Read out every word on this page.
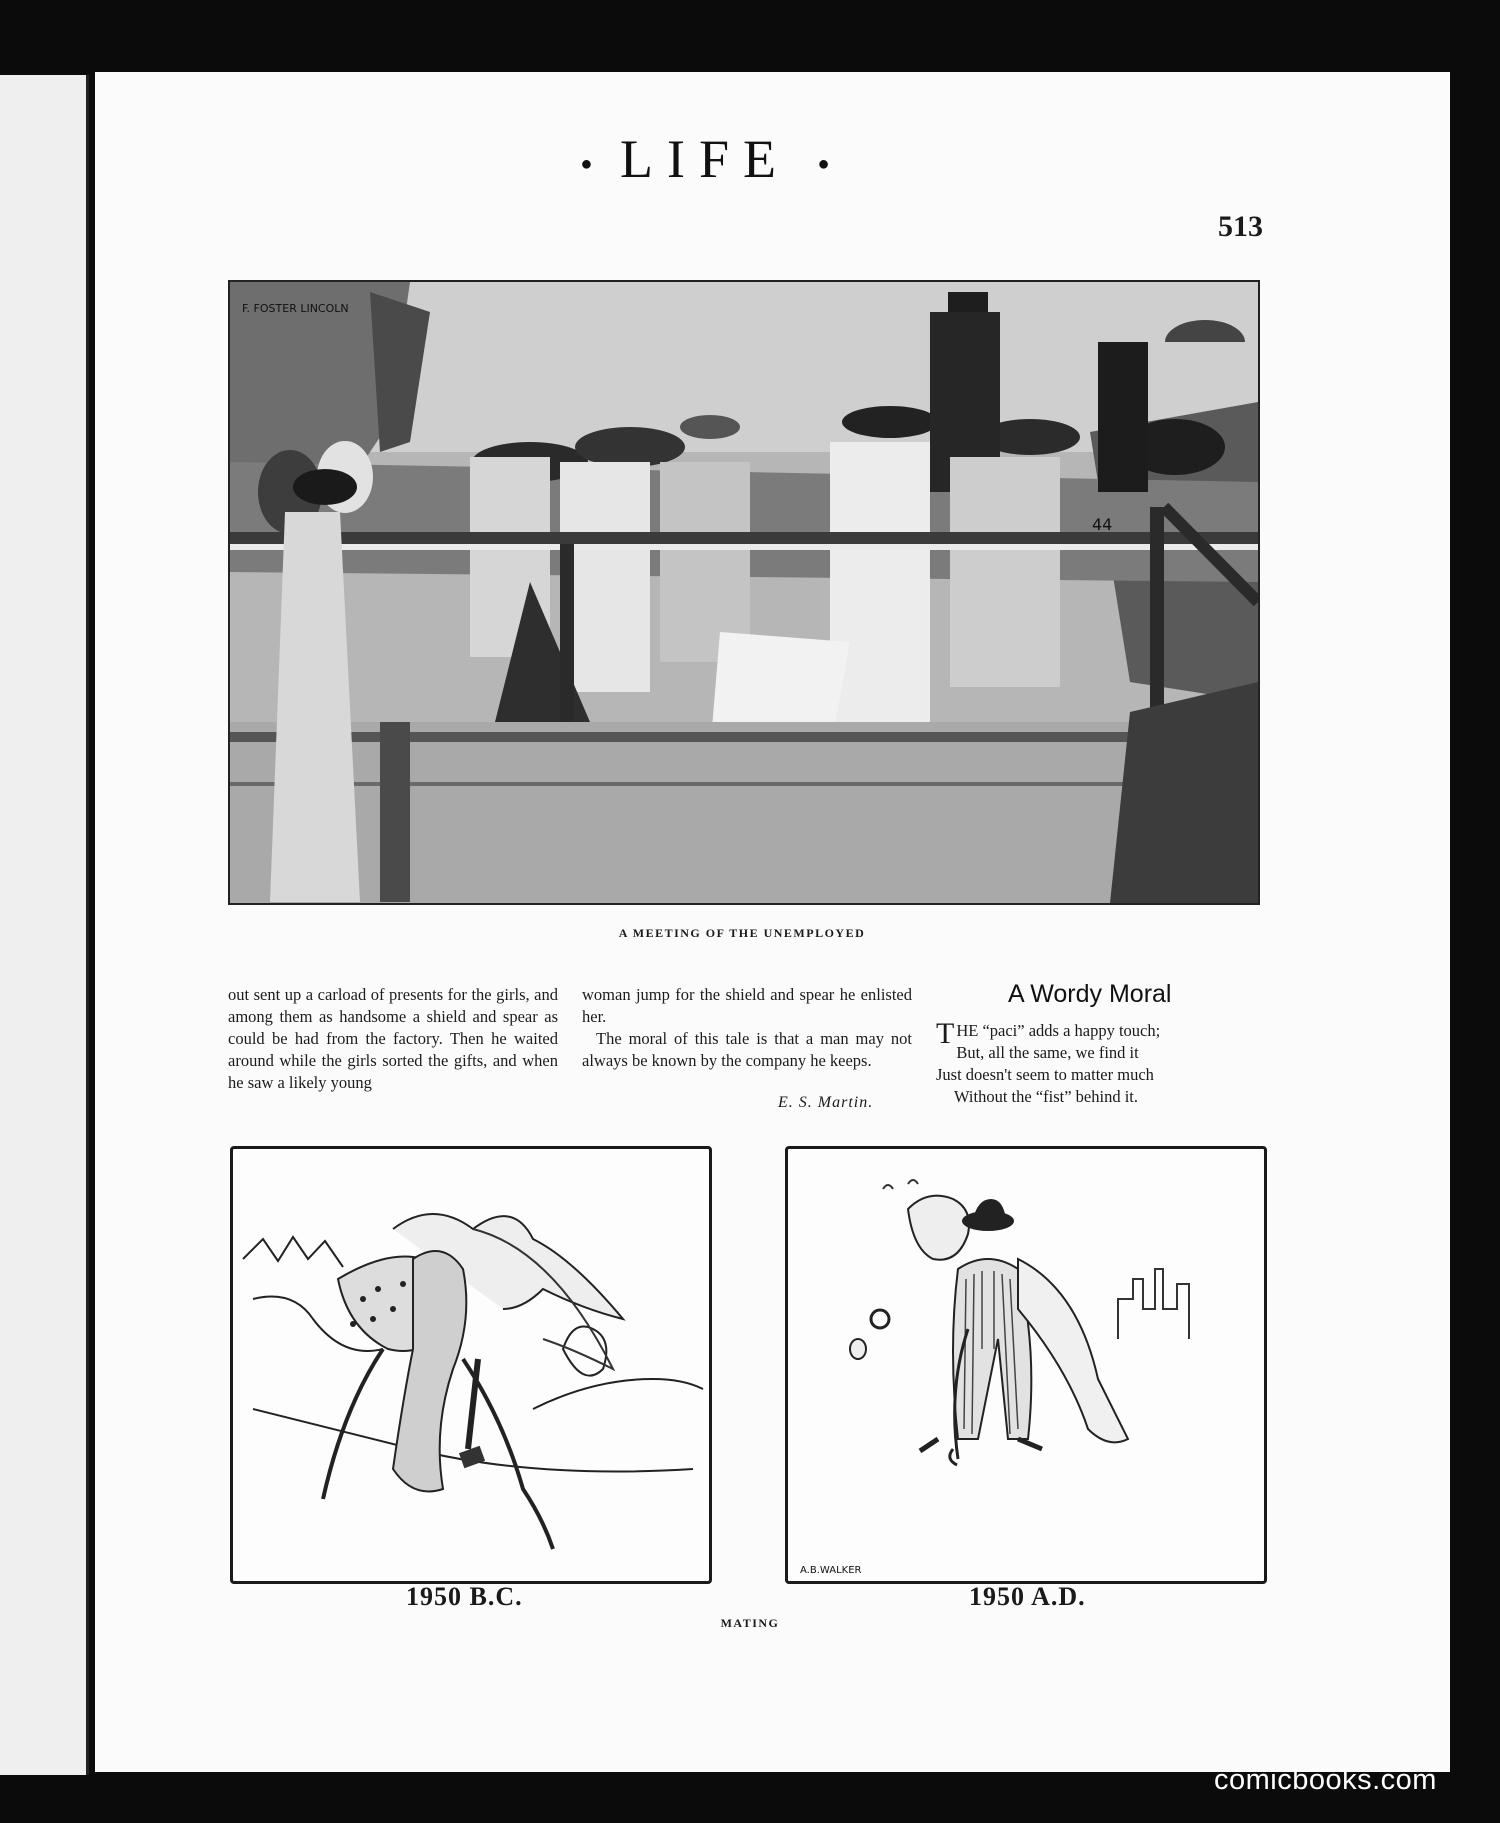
● LIFE ●
513
F. FOSTER LINCOLN
44
A MEETING OF THE UNEMPLOYED

out sent up a carload of presents for the girls, and among them as handsome a shield and spear as could be had from the factory. Then he waited around while the girls sorted the gifts, and when he saw a likely young

woman jump for the shield and spear he enlisted her.

The moral of this tale is that a man may not always be known by the company he keeps.

E. S. Martin.
A Wordy Moral
T HE “paci” adds a happy touch;
But, all the same, we find it
Just doesn't seem to matter much
Without the “fist” behind it.
A.B.WALKER
1950 B.C.	1950 A.D.
MATING
comicbooks.com
